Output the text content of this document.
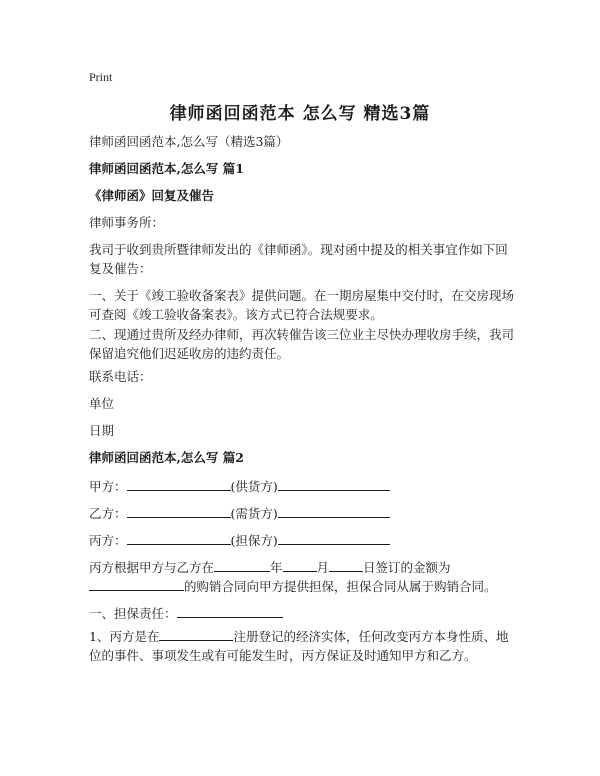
Print
律师函回函范本 怎么写 精选3篇
律师函回函范本,怎么写（精选3篇）
律师函回函范本,怎么写 篇1
《律师函》回复及催告
律师事务所：
我司于收到贵所暨律师发出的《律师函》。现对函中提及的相关事宜作如下回复及催告：
一、关于《竣工验收备案表》提供问题。在一期房屋集中交付时，在交房现场可查阅《竣工验收备案表》。该方式已符合法规要求。
二、现通过贵所及经办律师，再次转催告该三位业主尽快办理收房手续，我司保留追究他们迟延收房的违约责任。
联系电话：
单位
日期
律师函回函范本,怎么写 篇2
甲方：	(供货方)
乙方：	(需货方)
丙方：	(担保方)
丙方根据甲方与乙方在	年	月	日签订的金额为
的购销合同向甲方提供担保，担保合同从属于购销合同。
一、担保责任：
1、丙方是在	注册登记的经济实体，任何改变丙方本身性质、地位的事件、事项发生或有可能发生时，丙方保证及时通知甲方和乙方。
